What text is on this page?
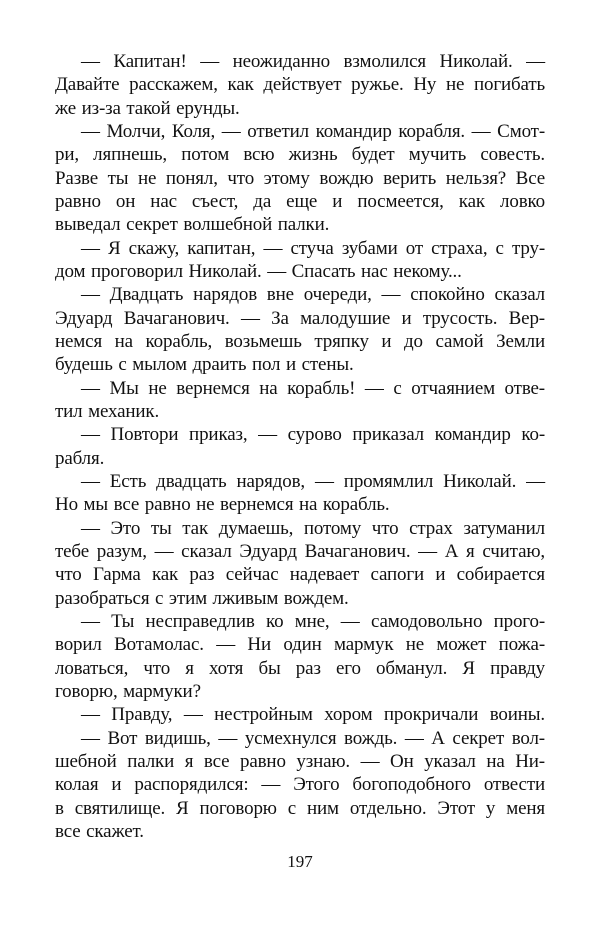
— Капитан! — неожиданно взмолился Николай. —
Давайте расскажем, как действует ружье. Ну не погибать
же из-за такой ерунды.
— Молчи, Коля, — ответил командир корабля. — Смот-
ри, ляпнешь, потом всю жизнь будет мучить совесть.
Разве ты не понял, что этому вождю верить нельзя? Все
равно он нас съест, да еще и посмеется, как ловко
выведал секрет волшебной палки.
— Я скажу, капитан, — стуча зубами от страха, с тру-
дом проговорил Николай. — Спасать нас некому...
— Двадцать нарядов вне очереди, — спокойно сказал
Эдуард Вачаганович. — За малодушие и трусость. Вер-
немся на корабль, возьмешь тряпку и до самой Земли
будешь с мылом драить пол и стены.
— Мы не вернемся на корабль! — с отчаянием отве-
тил механик.
— Повтори приказ, — сурово приказал командир ко-
рабля.
— Есть двадцать нарядов, — промямлил Николай. —
Но мы все равно не вернемся на корабль.
— Это ты так думаешь, потому что страх затуманил
тебе разум, — сказал Эдуард Вачаганович. — А я считаю,
что Гарма как раз сейчас надевает сапоги и собирается
разобраться с этим лживым вождем.
— Ты несправедлив ко мне, — самодовольно прого-
ворил Вотамолас. — Ни один мармук не может пожа-
ловаться, что я хотя бы раз его обманул. Я правду
говорю, мармуки?
— Правду, — нестройным хором прокричали воины.
— Вот видишь, — усмехнулся вождь. — А секрет вол-
шебной палки я все равно узнаю. — Он указал на Ни-
колая и распорядился: — Этого богоподобного отвести
в святилище. Я поговорю с ним отдельно. Этот у меня
все скажет.
197
